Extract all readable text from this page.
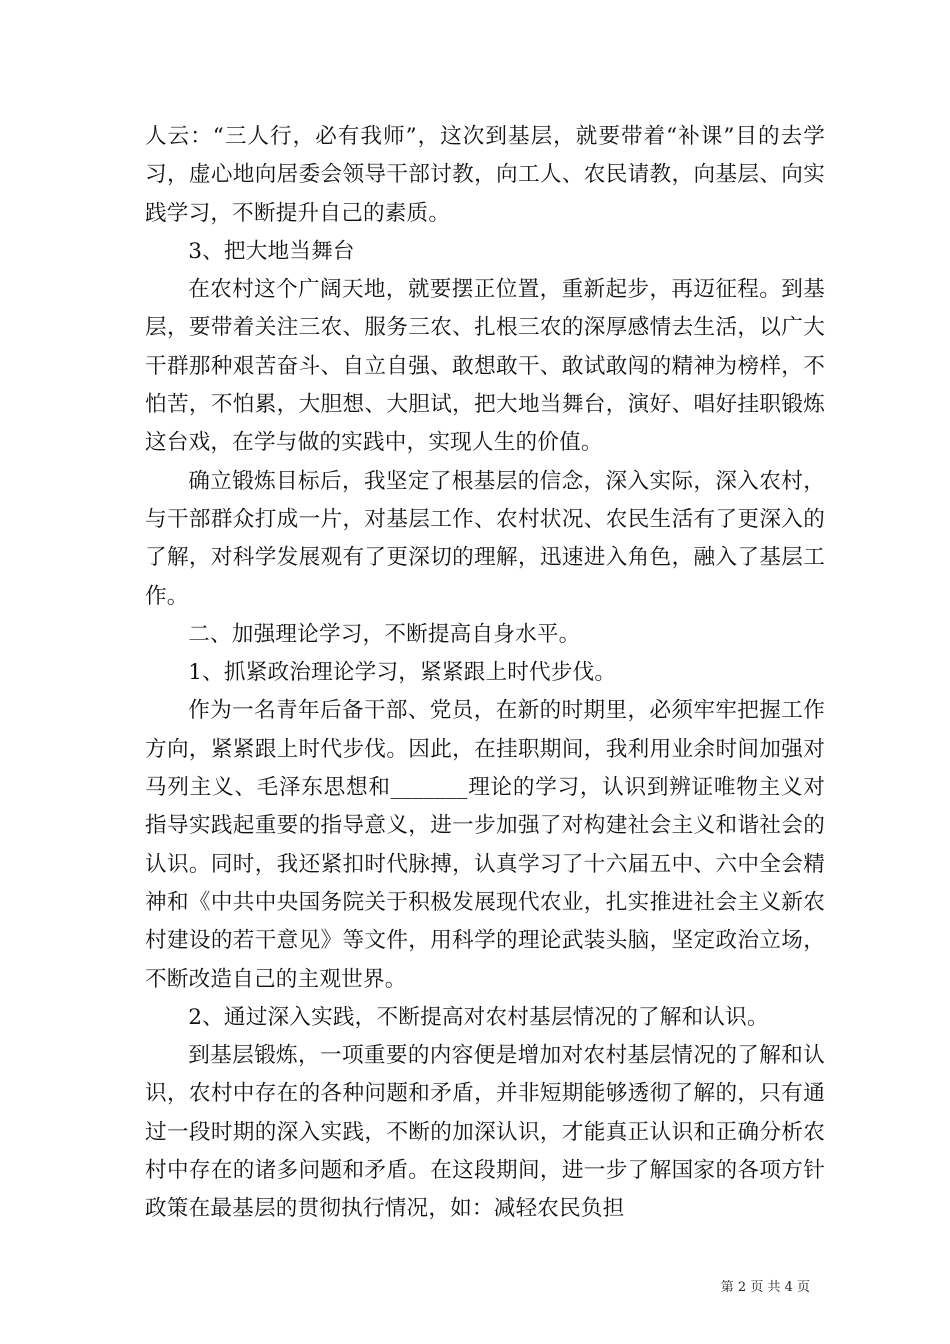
人云：“三人行，必有我师”，这次到基层，就要带着“补课”目的去学习，虚心地向居委会领导干部讨教，向工人、农民请教，向基层、向实践学习，不断提升自己的素质。

3、把大地当舞台

在农村这个广阔天地，就要摆正位置，重新起步，再迈征程。到基层，要带着关注三农、服务三农、扎根三农的深厚感情去生活，以广大干群那种艰苦奋斗、自立自强、敢想敢干、敢试敢闯的精神为榜样，不怕苦，不怕累，大胆想、大胆试，把大地当舞台，演好、唱好挂职锻炼这台戏，在学与做的实践中，实现人生的价值。

确立锻炼目标后，我坚定了根基层的信念，深入实际，深入农村，与干部群众打成一片，对基层工作、农村状况、农民生活有了更深入的了解，对科学发展观有了更深切的理解，迅速进入角色，融入了基层工作。

二、加强理论学习，不断提高自身水平。

1、抓紧政治理论学习，紧紧跟上时代步伐。

作为一名青年后备干部、党员，在新的时期里，必须牢牢把握工作方向，紧紧跟上时代步伐。因此，在挂职期间，我利用业余时间加强对马列主义、毛泽东思想和_______理论的学习，认识到辨证唯物主义对指导实践起重要的指导意义，进一步加强了对构建社会主义和谐社会的认识。同时，我还紧扣时代脉搏，认真学习了十六届五中、六中全会精神和《中共中央国务院关于积极发展现代农业，扎实推进社会主义新农村建设的若干意见》等文件，用科学的理论武装头脑，坚定政治立场，不断改造自己的主观世界。

2、通过深入实践，不断提高对农村基层情况的了解和认识。

到基层锻炼，一项重要的内容便是增加对农村基层情况的了解和认识，农村中存在的各种问题和矛盾，并非短期能够透彻了解的，只有通过一段时期的深入实践，不断的加深认识，才能真正认识和正确分析农村中存在的诸多问题和矛盾。在这段期间，进一步了解国家的各项方针政策在最基层的贯彻执行情况，如：减轻农民负担

第 2 页 共 4 页
